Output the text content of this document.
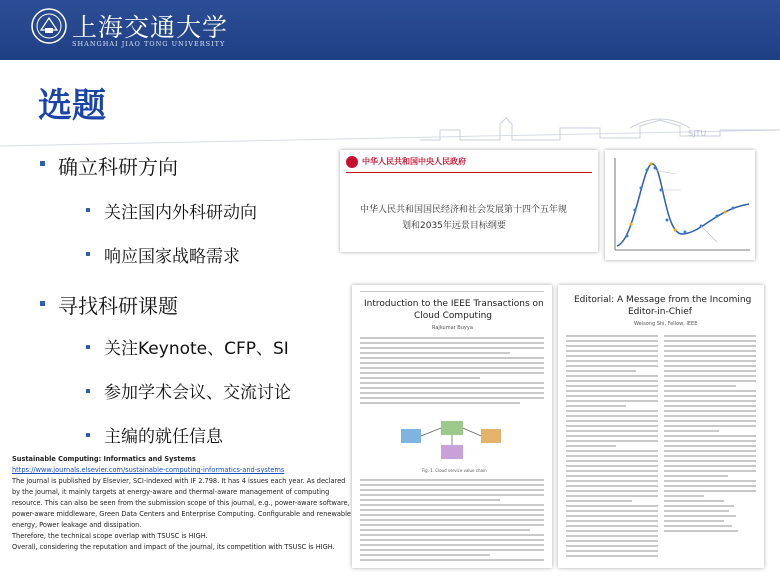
上海交通大学
SHANGHAI JIAO TONG UNIVERSITY
SJTU
选题
确立科研方向
关注国内外科研动向
响应国家战略需求
寻找科研课题
关注Keynote、CFP、SI
参加学术会议、交流讨论
主编的就任信息
中华人民共和国中央人民政府
中华人民共和国国民经济和社会发展第十四个五年规
划和2035年远景目标纲要
Introduction to the IEEE Transactions on
Cloud Computing
Rajkumar Buyya
Fig. 1. Cloud service value chain
Editorial: A Message from the Incoming
Editor-in-Chief
Weisong Shi, Fellow, IEEE
Sustainable Computing: Informatics and Systems
https://www.journals.elsevier.com/sustainable-computing-informatics-and-systems
The journal is published by Elsevier, SCI-indexed with IF 2.798. It has 4 issues each year. As declared
by the journal, it mainly targets at energy-aware and thermal-aware management of computing
resource. This can also be seen from the submission scope of this journal, e.g., power-aware software,
power-aware middleware, Green Data Centers and Enterprise Computing. Configurable and renewable
energy, Power leakage and dissipation.
Therefore, the technical scope overlap with TSUSC is HIGH.
Overall, considering the reputation and impact of the journal, its competition with TSUSC is HIGH.
